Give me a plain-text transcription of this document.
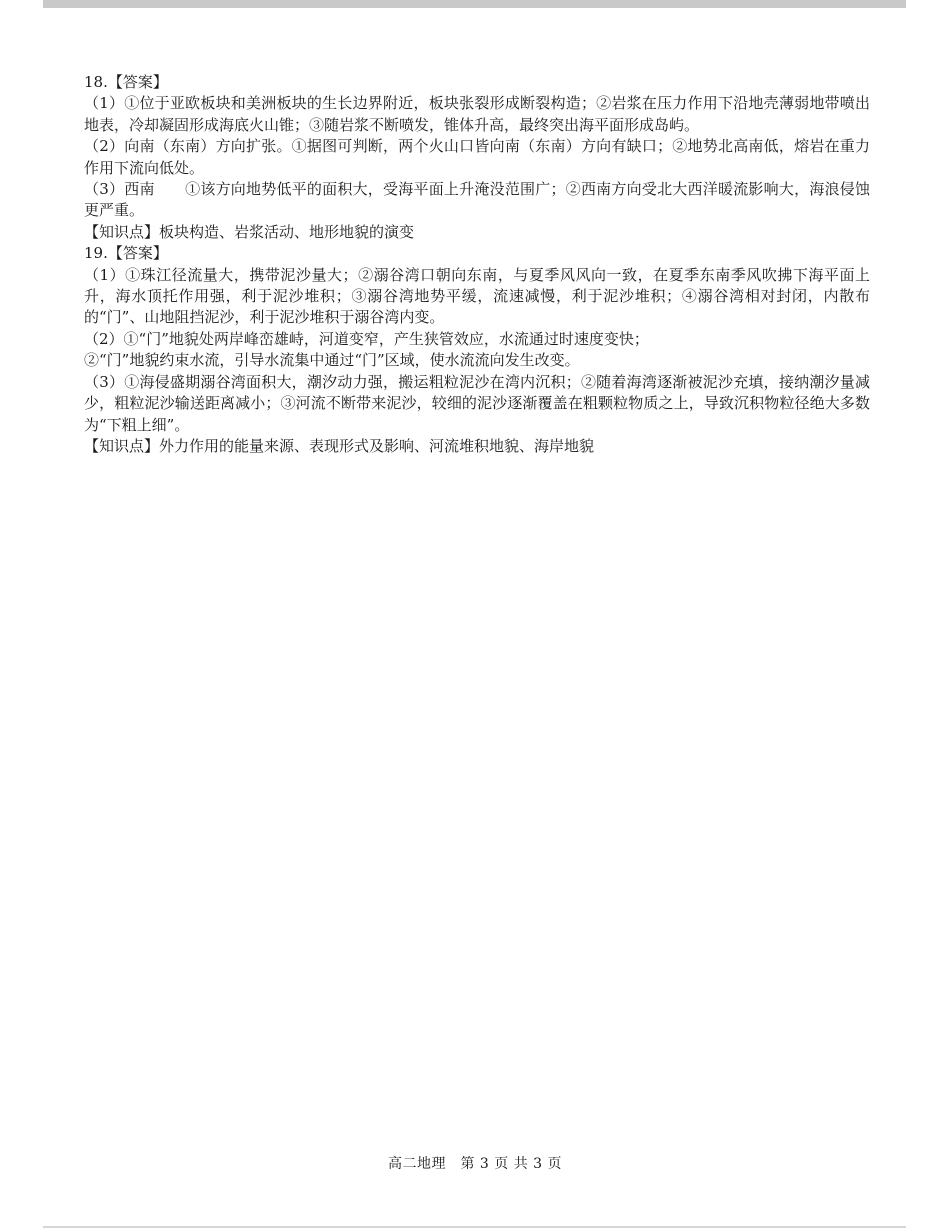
18.【答案】

（1）①位于亚欧板块和美洲板块的生长边界附近，板块张裂形成断裂构造；②岩浆在压力作用下沿地壳薄弱地带喷出地表，冷却凝固形成海底火山锥；③随岩浆不断喷发，锥体升高，最终突出海平面形成岛屿。

（2）向南（东南）方向扩张。①据图可判断，两个火山口皆向南（东南）方向有缺口；②地势北高南低，熔岩在重力作用下流向低处。

（3）西南　　①该方向地势低平的面积大，受海平面上升淹没范围广；②西南方向受北大西洋暖流影响大，海浪侵蚀更严重。

【知识点】板块构造、岩浆活动、地形地貌的演变

19.【答案】

（1）①珠江径流量大，携带泥沙量大；②溺谷湾口朝向东南，与夏季风风向一致，在夏季东南季风吹拂下海平面上升，海水顶托作用强，利于泥沙堆积；③溺谷湾地势平缓，流速减慢，利于泥沙堆积；④溺谷湾相对封闭，内散布的“门”、山地阻挡泥沙，利于泥沙堆积于溺谷湾内变。

（2）①“门”地貌处两岸峰峦雄峙，河道变窄，产生狭管效应，水流通过时速度变快；

②“门”地貌约束水流，引导水流集中通过“门”区域，使水流流向发生改变。

（3）①海侵盛期溺谷湾面积大，潮汐动力强，搬运粗粒泥沙在湾内沉积；②随着海湾逐渐被泥沙充填，接纳潮汐量减少，粗粒泥沙输送距离减小；③河流不断带来泥沙，较细的泥沙逐渐覆盖在粗颗粒物质之上，导致沉积物粒径绝大多数为“下粗上细”。

【知识点】外力作用的能量来源、表现形式及影响、河流堆积地貌、海岸地貌

高二地理　第 3 页 共 3 页
